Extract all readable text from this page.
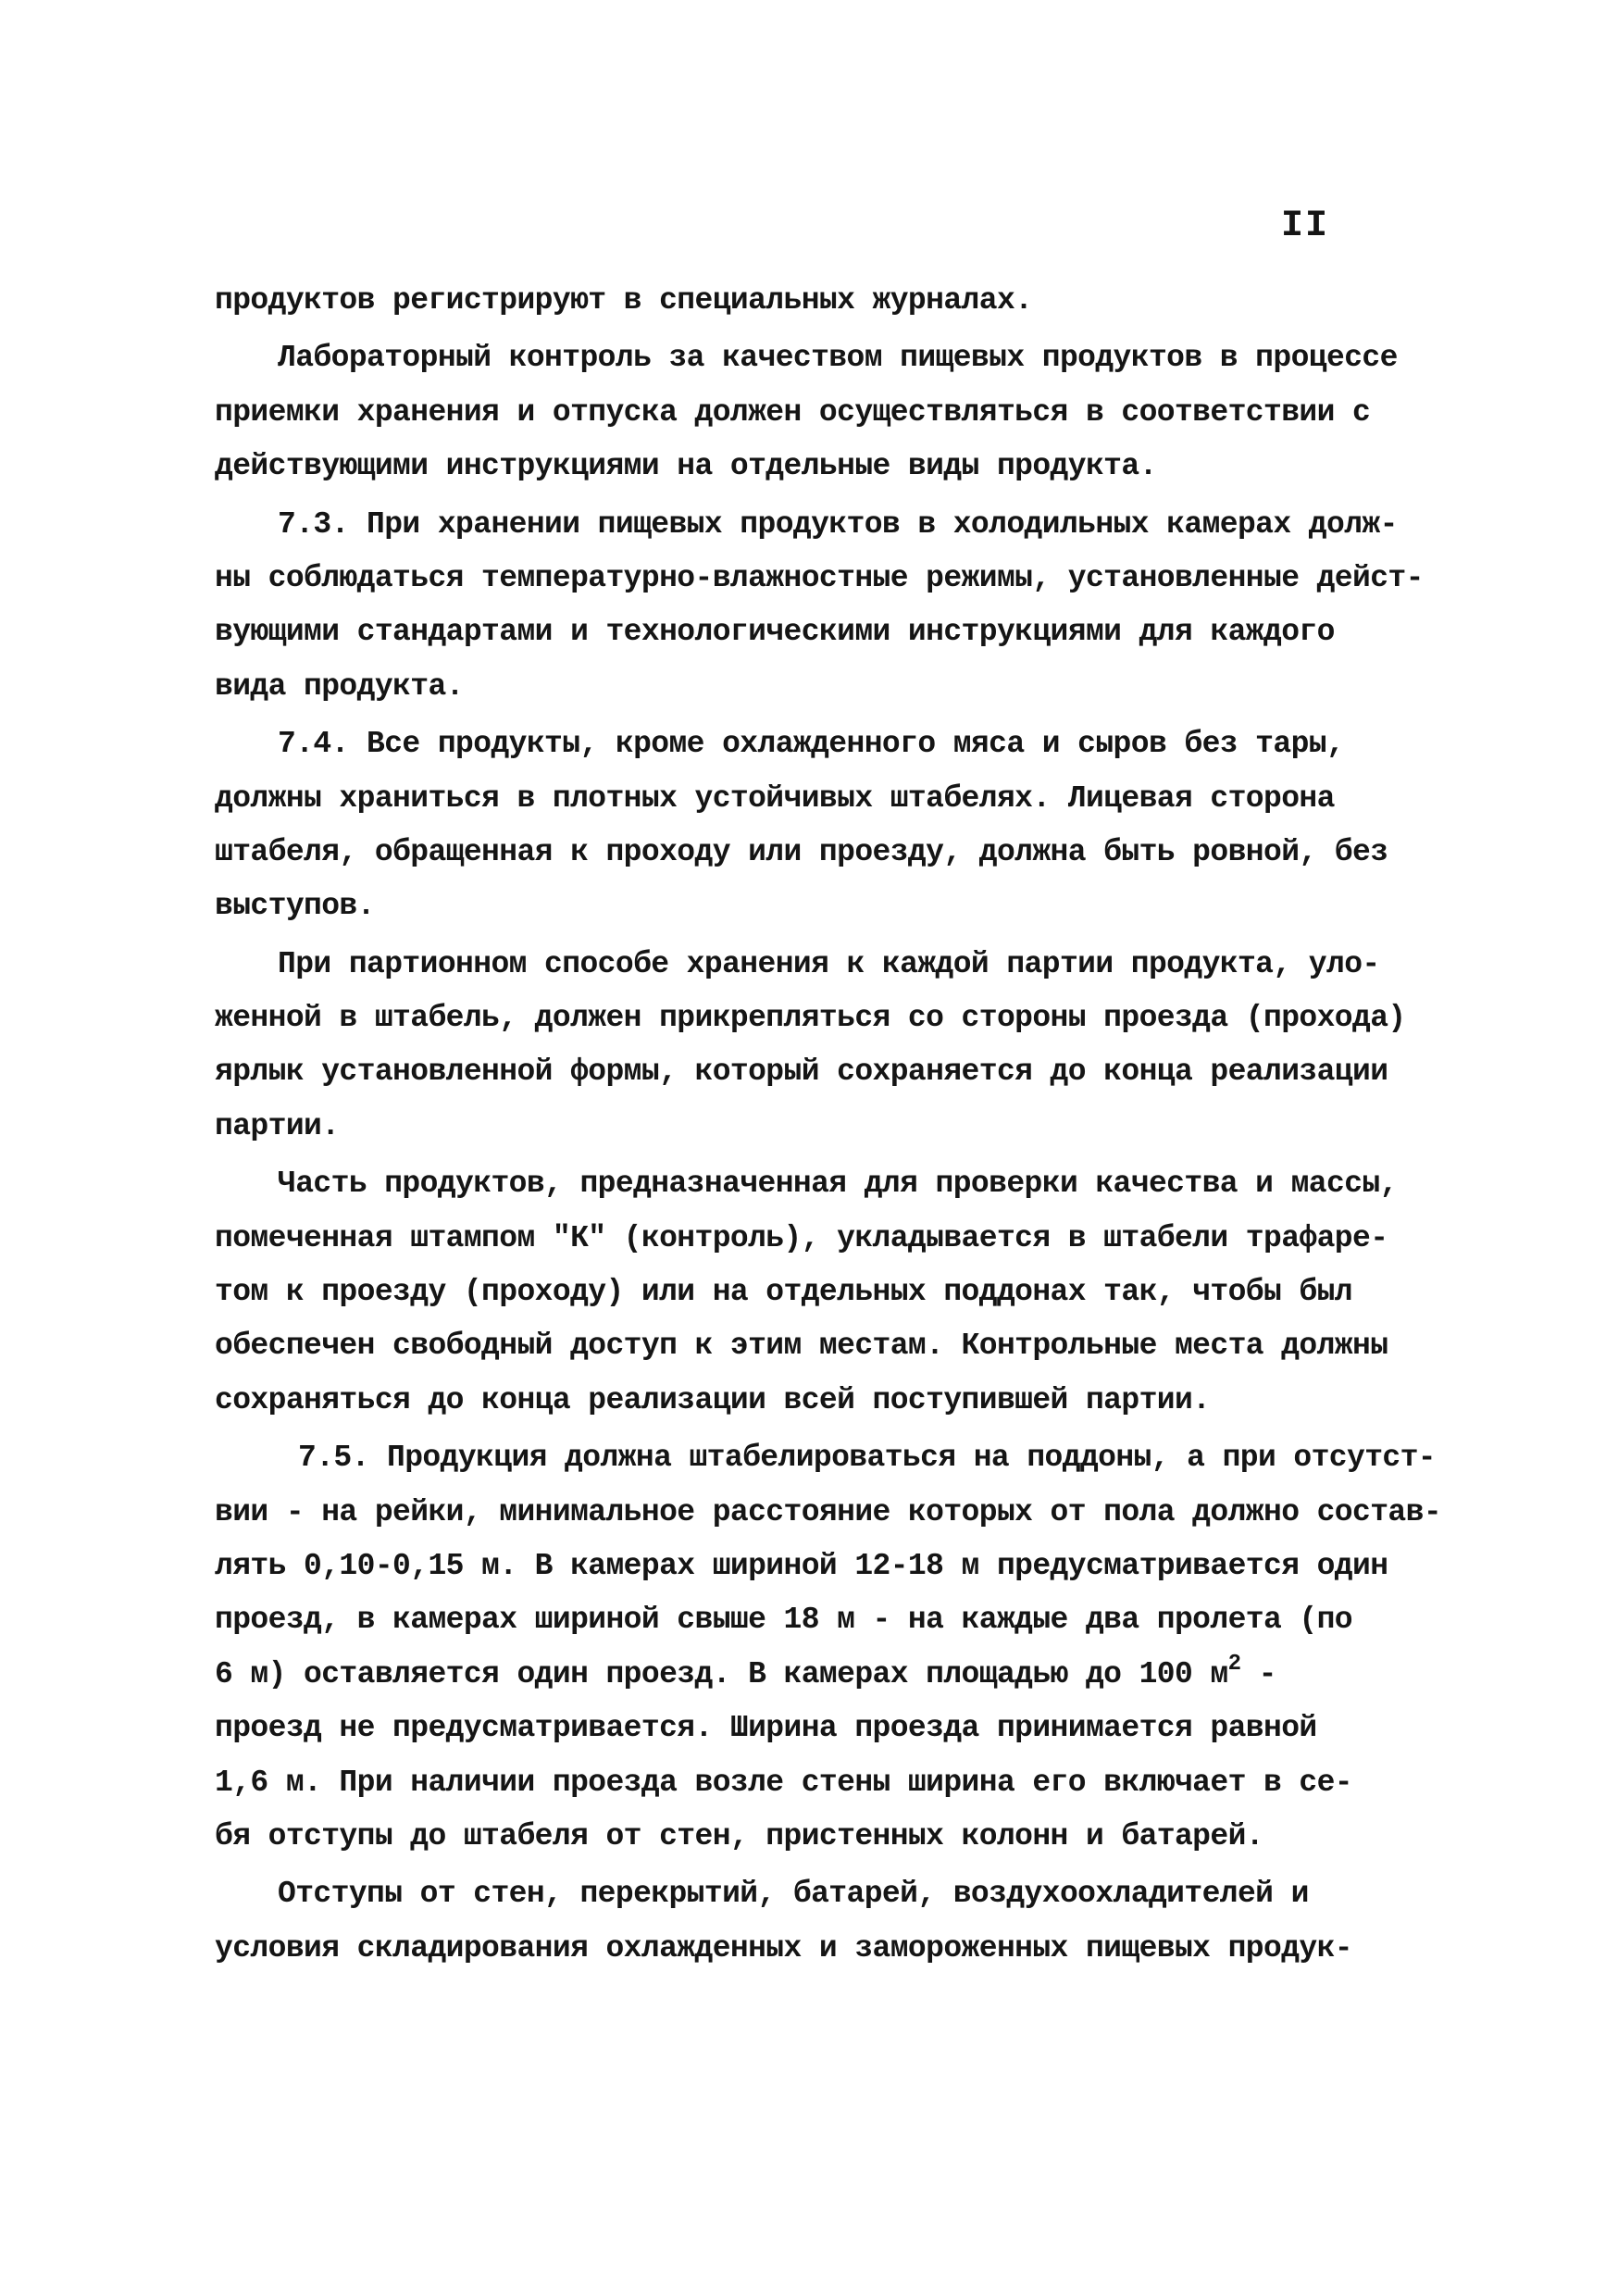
II
продуктов регистрируют в специальных журналах.
Лабораторный контроль за качеством пищевых продуктов в процессе
приемки хранения и отпуска должен осуществляться в соответствии с
действующими инструкциями на отдельные виды продукта.
7.3. При хранении пищевых продуктов в холодильных камерах долж-
ны соблюдаться температурно-влажностные режимы, установленные дейст-
вующими стандартами и технологическими инструкциями для каждого
вида продукта.
7.4. Все продукты, кроме охлажденного мяса и сыров без тары,
должны храниться в плотных устойчивых штабелях. Лицевая сторона
штабеля, обращенная к проходу или проезду, должна быть ровной, без
выступов.
При партионном способе хранения к каждой партии продукта, уло-
женной в штабель, должен прикрепляться со стороны проезда (прохода)
ярлык установленной формы, который сохраняется до конца реализации
партии.
Часть продуктов, предназначенная для проверки качества и массы,
помеченная штампом "К" (контроль), укладывается в штабели трафаре-
том к проезду (проходу) или на отдельных поддонах так, чтобы был
обеспечен свободный доступ к этим местам. Контрольные места должны
сохраняться до конца реализации всей поступившей партии.
7.5. Продукция должна штабелироваться на поддоны, а при отсутст-
вии - на рейки, минимальное расстояние которых от пола должно состав-
лять 0,10-0,15 м. В камерах шириной 12-18 м предусматривается один
проезд, в камерах шириной свыше 18 м - на каждые два пролета (по
6 м) оставляется один проезд. В камерах площадью до 100 $м^2$ -
проезд не предусматривается. Ширина проезда принимается равной
1,6 м. При наличии проезда возле стены ширина его включает в се-
бя отступы до штабеля от стен, пристенных колонн и батарей.
Отступы от стен, перекрытий, батарей, воздухоохладителей и
условия складирования охлажденных и замороженных пищевых продук-
